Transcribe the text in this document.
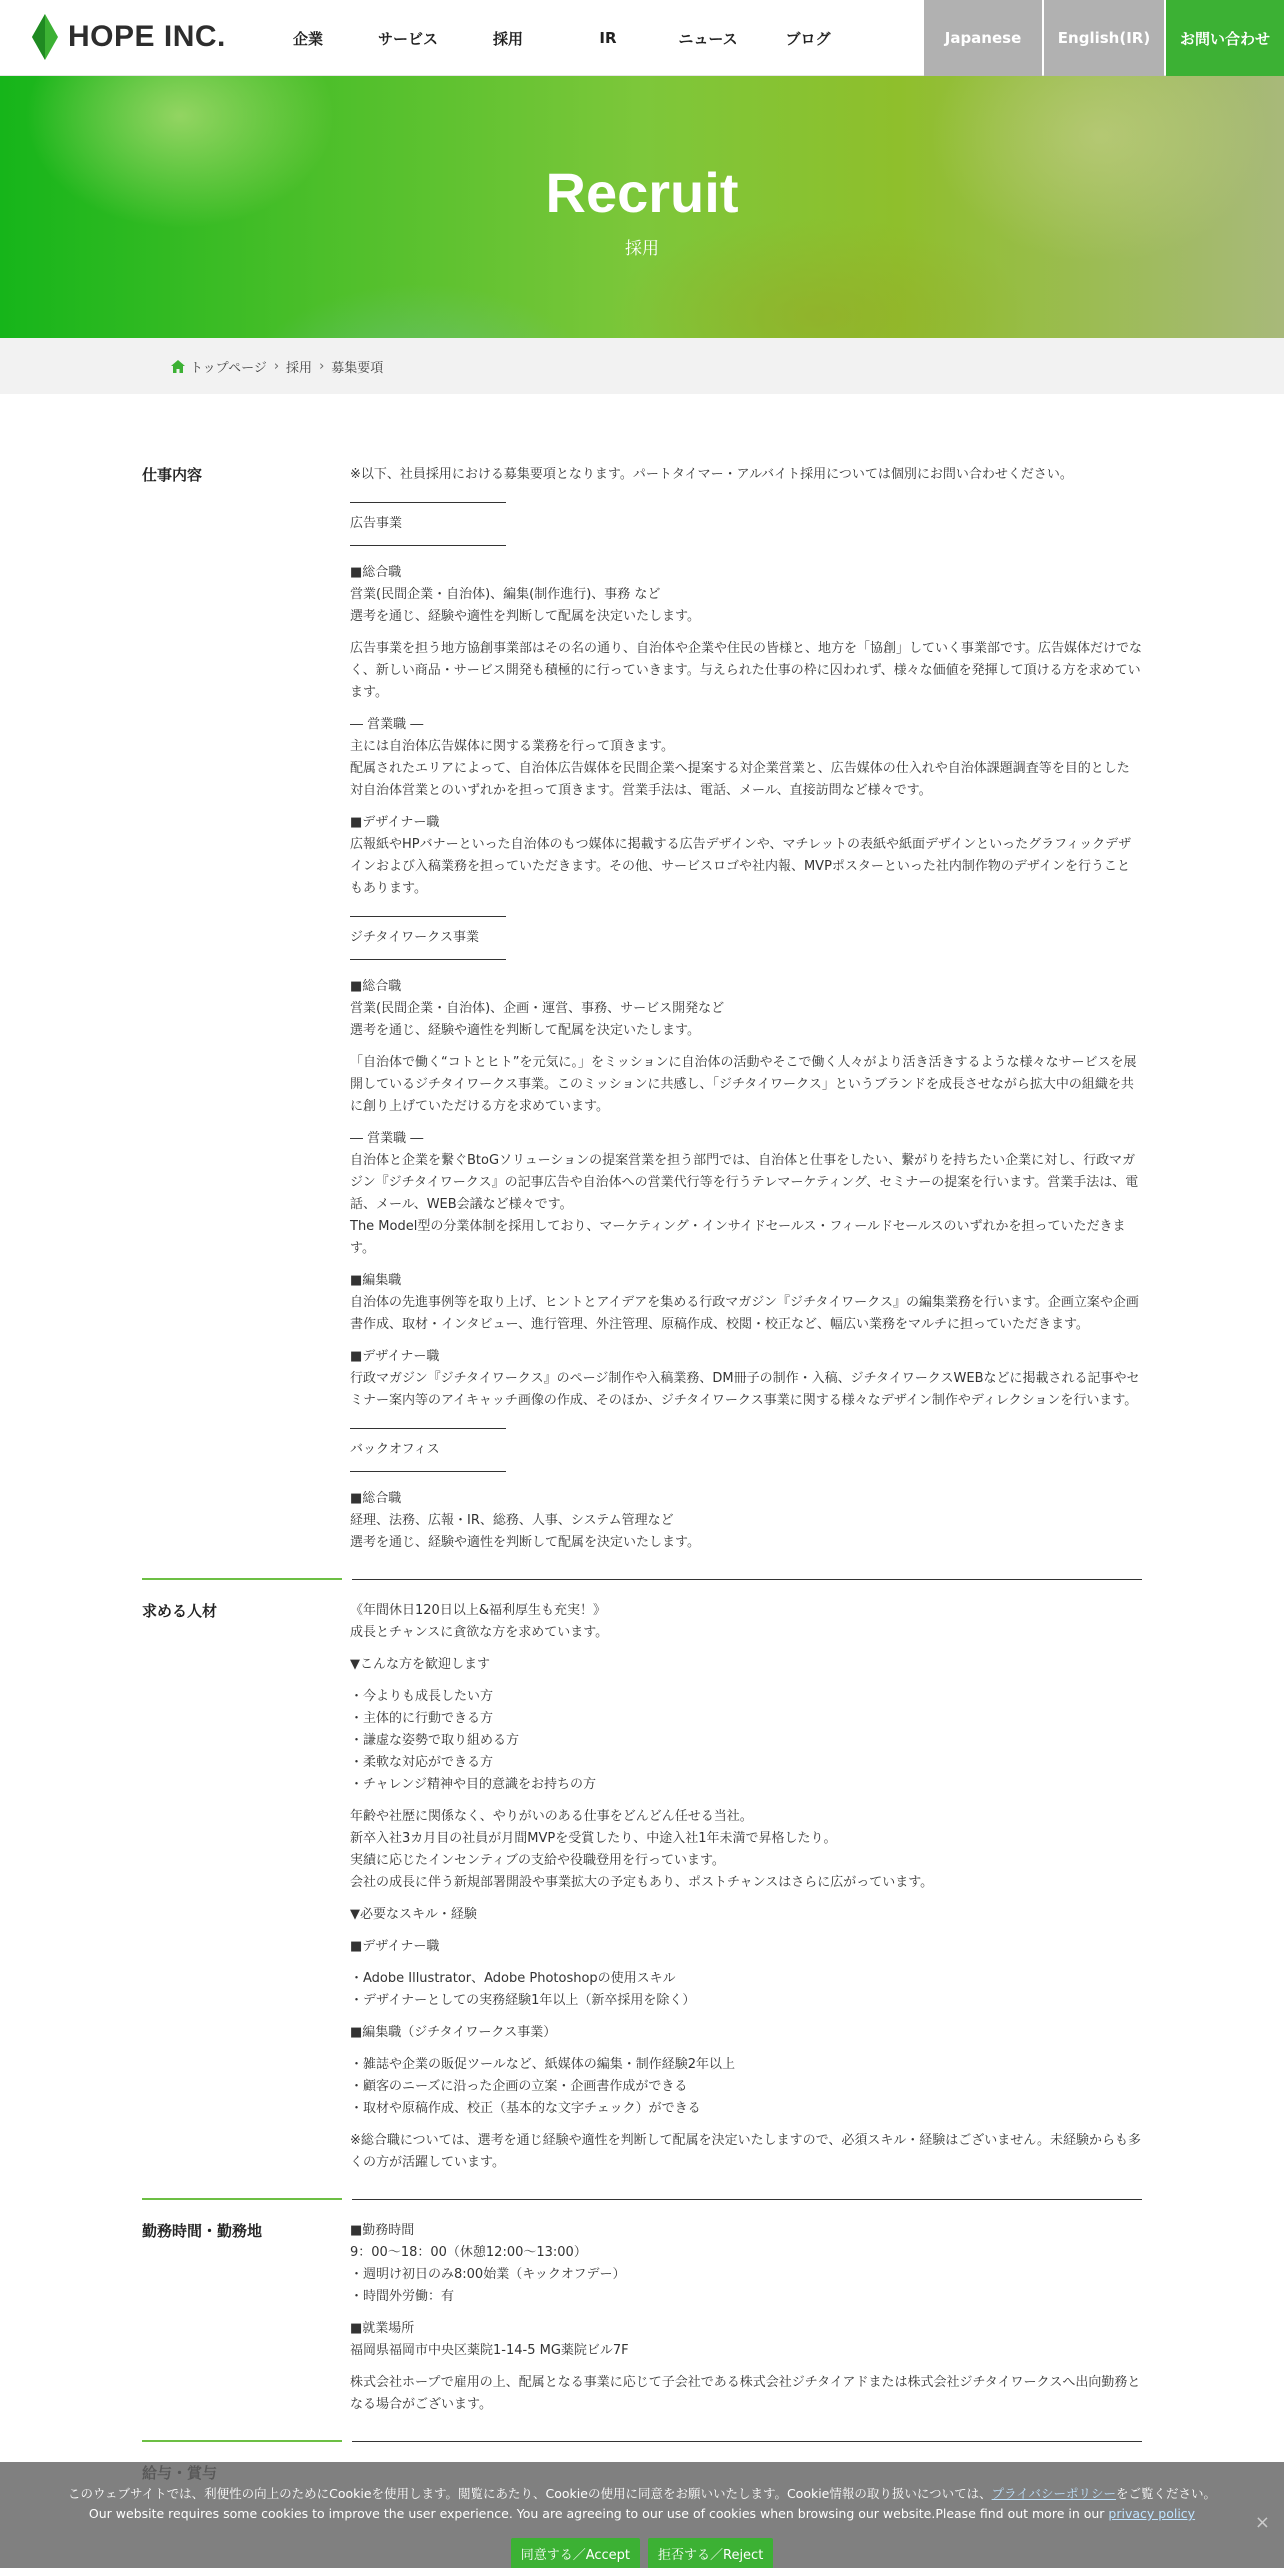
HOPE INC.	企業	サービス	採用	IR	ニュース	ブログ	Japanese	English(IR)	お問い合わせ
Recruit
採用
トップページ › 採用 › 募集要項
仕事内容	※以下、社員採用における募集要項となります。パートタイマー・アルバイト採用については個別にお問い合わせください。

広告事業

■総合職
営業(民間企業・自治体)、編集(制作進行)、事務 など
選考を通じ、経験や適性を判断して配属を決定いたします。

広告事業を担う地方協創事業部はその名の通り、自治体や企業や住民の皆様と、地方を「協創」していく事業部です。広告媒体だけでなく、新しい商品・サービス開発も積極的に行っていきます。与えられた仕事の枠に囚われず、様々な価値を発揮して頂ける方を求めています。

― 営業職 ―
主には自治体広告媒体に関する業務を行って頂きます。
配属されたエリアによって、自治体広告媒体を民間企業へ提案する対企業営業と、広告媒体の仕入れや自治体課題調査等を目的とした対自治体営業とのいずれかを担って頂きます。営業手法は、電話、メール、直接訪問など様々です。

■デザイナー職
広報紙やHPバナーといった自治体のもつ媒体に掲載する広告デザインや、マチレットの表紙や紙面デザインといったグラフィックデザインおよび入稿業務を担っていただきます。その他、サービスロゴや社内報、MVPポスターといった社内制作物のデザインを行うこともあります。

ジチタイワークス事業

■総合職
営業(民間企業・自治体)、企画・運営、事務、サービス開発など
選考を通じ、経験や適性を判断して配属を決定いたします。

「自治体で働く“コトとヒト”を元気に。」をミッションに自治体の活動やそこで働く人々がより活き活きするような様々なサービスを展開しているジチタイワークス事業。このミッションに共感し、「ジチタイワークス」というブランドを成長させながら拡大中の組織を共に創り上げていただける方を求めています。

― 営業職 ―
自治体と企業を繋ぐBtoGソリューションの提案営業を担う部門では、自治体と仕事をしたい、繋がりを持ちたい企業に対し、行政マガジン『ジチタイワークス』の記事広告や自治体への営業代行等を行うテレマーケティング、セミナーの提案を行います。営業手法は、電話、メール、WEB会議など様々です。
The Model型の分業体制を採用しており、マーケティング・インサイドセールス・フィールドセールスのいずれかを担っていただきます。

■編集職
自治体の先進事例等を取り上げ、ヒントとアイデアを集める行政マガジン『ジチタイワークス』の編集業務を行います。企画立案や企画書作成、取材・インタビュー、進行管理、外注管理、原稿作成、校閲・校正など、幅広い業務をマルチに担っていただきます。

■デザイナー職
行政マガジン『ジチタイワークス』のページ制作や入稿業務、DM冊子の制作・入稿、ジチタイワークスWEBなどに掲載される記事やセミナー案内等のアイキャッチ画像の作成、そのほか、ジチタイワークス事業に関する様々なデザイン制作やディレクションを行います。

バックオフィス

■総合職
経理、法務、広報・IR、総務、人事、システム管理など
選考を通じ、経験や適性を判断して配属を決定いたします。

求める人材	《年間休日120日以上&福利厚生も充実！》
成長とチャンスに貪欲な方を求めています。

▼こんな方を歓迎します

・今よりも成長したい方
・主体的に行動できる方
・謙虚な姿勢で取り組める方
・柔軟な対応ができる方
・チャレンジ精神や目的意識をお持ちの方

年齢や社歴に関係なく、やりがいのある仕事をどんどん任せる当社。
新卒入社3カ月目の社員が月間MVPを受賞したり、中途入社1年未満で昇格したり。
実績に応じたインセンティブの支給や役職登用を行っています。
会社の成長に伴う新規部署開設や事業拡大の予定もあり、ポストチャンスはさらに広がっています。

▼必要なスキル・経験

■デザイナー職

・Adobe Illustrator、Adobe Photoshopの使用スキル
・デザイナーとしての実務経験1年以上（新卒採用を除く）

■編集職（ジチタイワークス事業）

・雑誌や企業の販促ツールなど、紙媒体の編集・制作経験2年以上
・顧客のニーズに沿った企画の立案・企画書作成ができる
・取材や原稿作成、校正（基本的な文字チェック）ができる

※総合職については、選考を通じ経験や適性を判断して配属を決定いたしますので、必須スキル・経験はございません。未経験からも多くの方が活躍しています。

勤務時間・勤務地	■勤務時間
9：00～18：00（休憩12:00～13:00）
・週明け初日のみ8:00始業（キックオフデー）
・時間外労働：有

■就業場所
福岡県福岡市中央区薬院1-14-5 MG薬院ビル7F

株式会社ホープで雇用の上、配属となる事業に応じて子会社である株式会社ジチタイアドまたは株式会社ジチタイワークスへ出向勤務となる場合がございます。

このウェブサイトでは、利便性の向上のためにCookieを使用します。閲覧にあたり、Cookieの使用に同意をお願いいたします。Cookie情報の取り扱いについては、プライバシーポリシーをご覧ください。
Our website requires some cookies to improve the user experience. You are agreeing to our use of cookies when browsing our website.Please find out more in our privacy policy
同意する／Accept	拒否する／Reject
×
